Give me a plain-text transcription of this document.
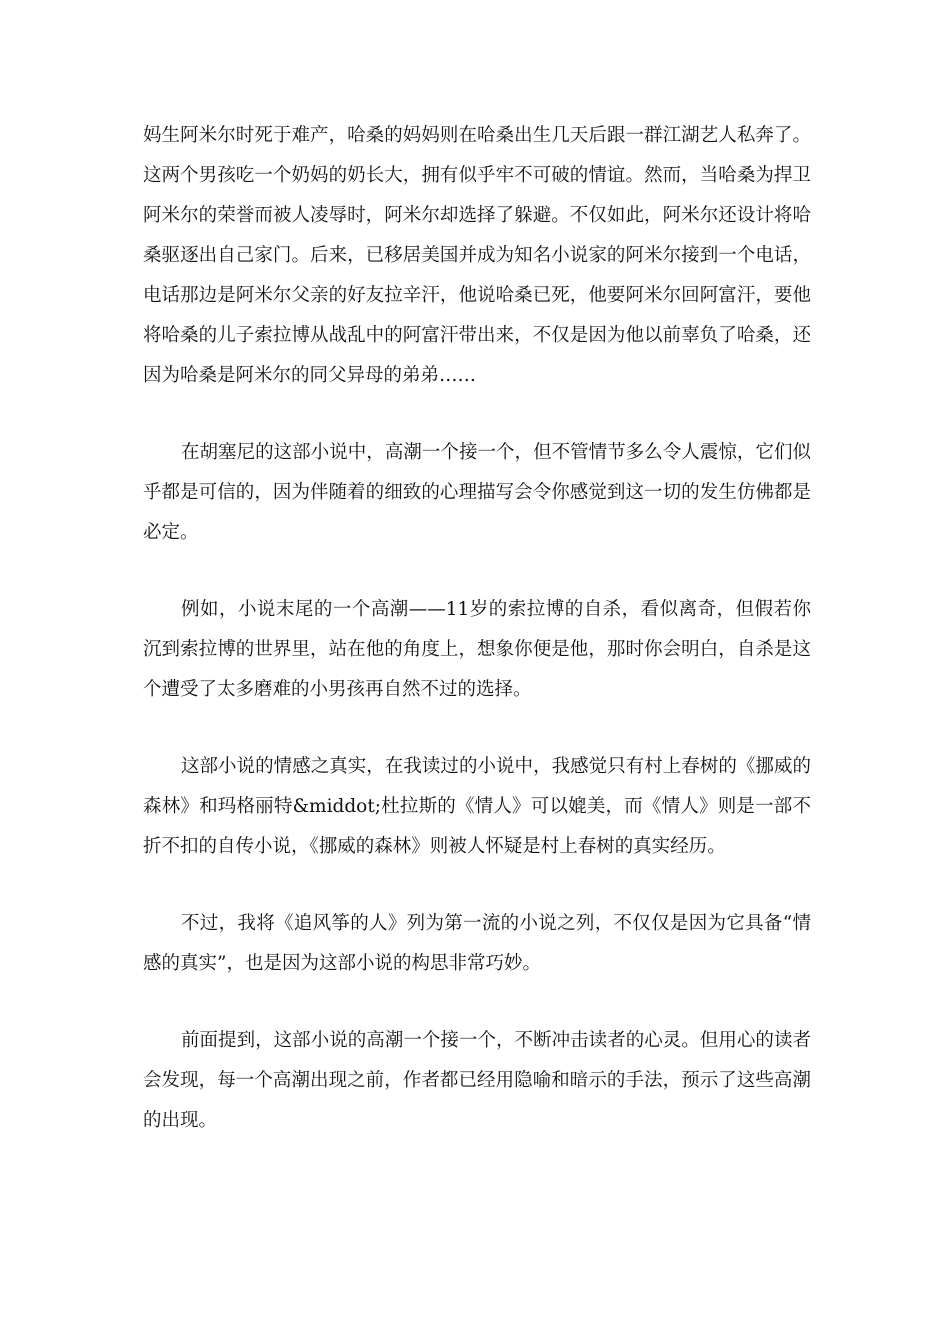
妈生阿米尔时死于难产，哈桑的妈妈则在哈桑出生几天后跟一群江湖艺人私奔了。这两个男孩吃一个奶妈的奶长大，拥有似乎牢不可破的情谊。然而，当哈桑为捍卫阿米尔的荣誉而被人凌辱时，阿米尔却选择了躲避。不仅如此，阿米尔还设计将哈桑驱逐出自己家门。后来，已移居美国并成为知名小说家的阿米尔接到一个电话，电话那边是阿米尔父亲的好友拉辛汗，他说哈桑已死，他要阿米尔回阿富汗，要他将哈桑的儿子索拉博从战乱中的阿富汗带出来，不仅是因为他以前辜负了哈桑，还因为哈桑是阿米尔的同父异母的弟弟……

在胡塞尼的这部小说中，高潮一个接一个，但不管情节多么令人震惊，它们似乎都是可信的，因为伴随着的细致的心理描写会令你感觉到这一切的发生仿佛都是必定。

例如，小说末尾的一个高潮——11岁的索拉博的自杀，看似离奇，但假若你沉到索拉博的世界里，站在他的角度上，想象你便是他，那时你会明白，自杀是这个遭受了太多磨难的小男孩再自然不过的选择。

这部小说的情感之真实，在我读过的小说中，我感觉只有村上春树的《挪威的森林》和玛格丽特&middot;杜拉斯的《情人》可以媲美，而《情人》则是一部不折不扣的自传小说，《挪威的森林》则被人怀疑是村上春树的真实经历。

不过，我将《追风筝的人》列为第一流的小说之列，不仅仅是因为它具备“情感的真实”，也是因为这部小说的构思非常巧妙。

前面提到，这部小说的高潮一个接一个，不断冲击读者的心灵。但用心的读者会发现，每一个高潮出现之前，作者都已经用隐喻和暗示的手法，预示了这些高潮的出现。
